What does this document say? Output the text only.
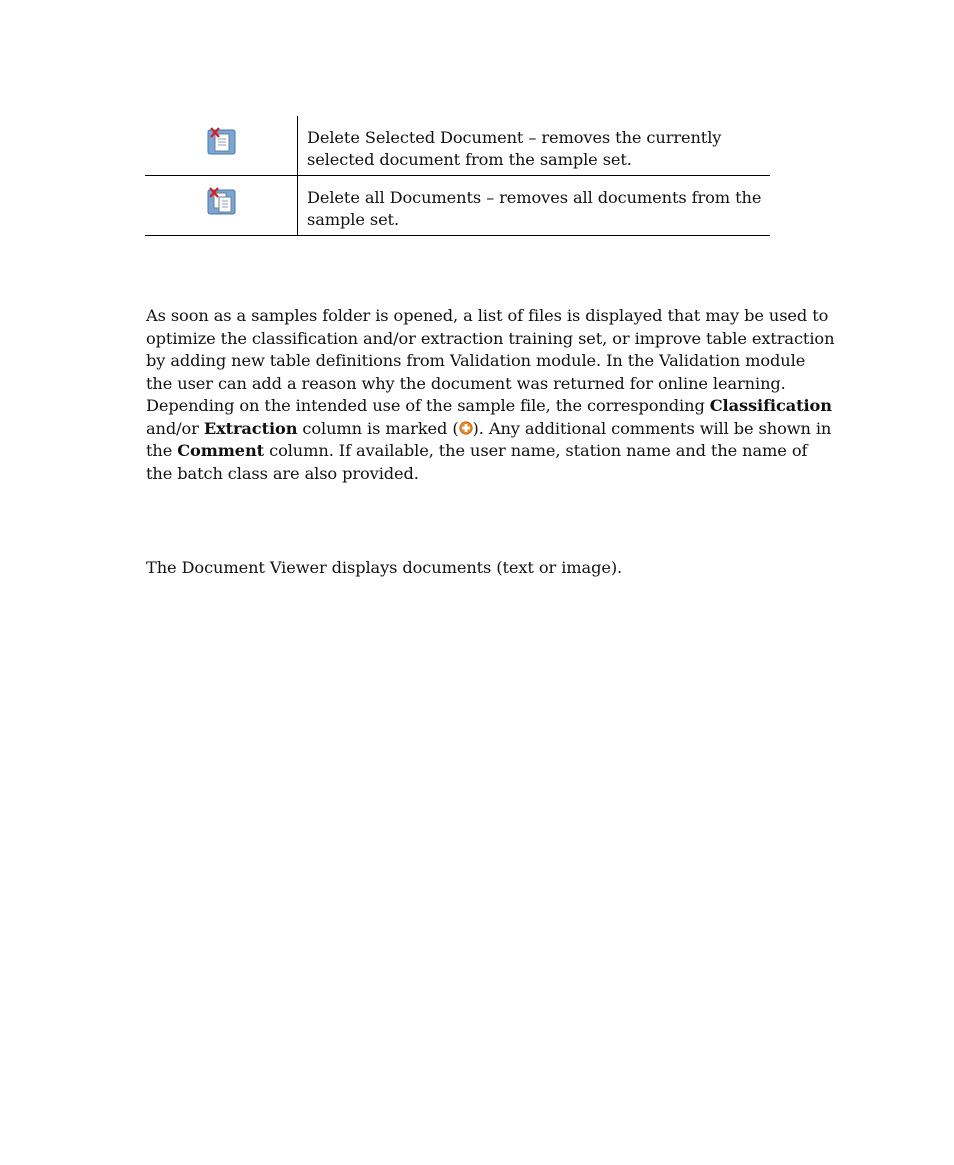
Delete Selected Document – removes the currently selected document from the sample set.
Delete all Documents – removes all documents from the sample set.

As soon as a samples folder is opened, a list of files is displayed that may be used to optimize the classification and/or extraction training set, or improve table extraction by adding new table definitions from Validation module. In the Validation module the user can add a reason why the document was returned for online learning. Depending on the intended use of the sample file, the corresponding Classification and/or Extraction column is marked ( ). Any additional comments will be shown in the Comment column. If available, the user name, station name and the name of the batch class are also provided.

The Document Viewer displays documents (text or image).
